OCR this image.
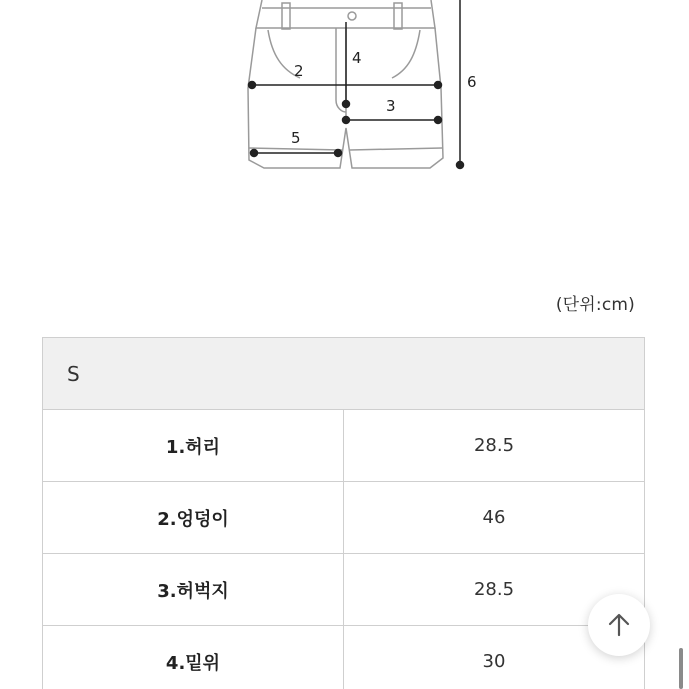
2
4
3
5
6
(단위:cm)
S	
1.허리	28.5
2.엉덩이	46
3.허벅지	28.5
4.밑위	30
